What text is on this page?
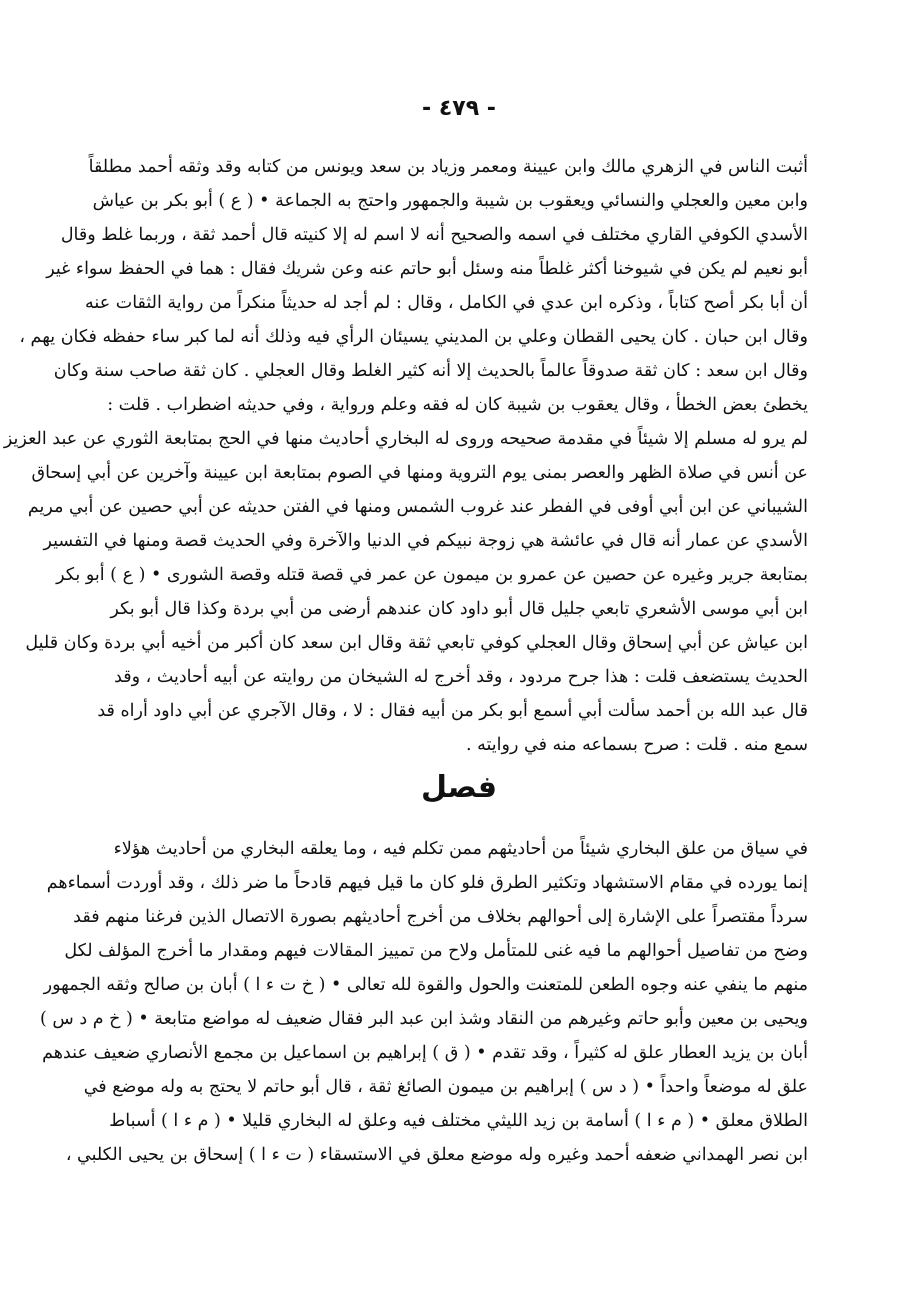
- ٤٧٩ -
أثبت الناس في الزهري مالك وابن عيينة ومعمر وزياد بن سعد ويونس من كتابه وقد وثقه أحمد مطلقاً
وابن معين والعجلي والنسائي ويعقوب بن شيبة والجمهور واحتج به الجماعة • ( ع ) أبو بكر بن عياش
الأسدي الكوفي القاري مختلف في اسمه والصحيح أنه لا اسم له إلا كنيته قال أحمد ثقة ، وربما غلط وقال
أبو نعيم لم يكن في شيوخنا أكثر غلطاً منه وسئل أبو حاتم عنه وعن شريك فقال : هما في الحفظ سواء غير
أن أبا بكر أصح كتاباً ، وذكره ابن عدي في الكامل ، وقال : لم أجد له حديثاً منكراً من رواية الثقات عنه
وقال ابن حبان . كان يحيى القطان وعلي بن المديني يسيئان الرأي فيه وذلك أنه لما كبر ساء حفظه فكان يهم ،
وقال ابن سعد : كان ثقة صدوقاً عالماً بالحديث إلا أنه كثير الغلط وقال العجلي . كان ثقة صاحب سنة وكان
يخطئ بعض الخطأ ، وقال يعقوب بن شيبة كان له فقه وعلم ورواية ، وفي حديثه اضطراب . قلت :
لم يرو له مسلم إلا شيئاً في مقدمة صحيحه وروى له البخاري أحاديث منها في الحج بمتابعة الثوري عن عبد العزيز
عن أنس في صلاة الظهر والعصر بمنى يوم التروية ومنها في الصوم بمتابعة ابن عيينة وآخرين عن أبي إسحاق
الشيباني عن ابن أبي أوفى في الفطر عند غروب الشمس ومنها في الفتن حديثه عن أبي حصين عن أبي مريم
الأسدي عن عمار أنه قال في عائشة هي زوجة نبيكم في الدنيا والآخرة وفي الحديث قصة ومنها في التفسير
بمتابعة جرير وغيره عن حصين عن عمرو بن ميمون عن عمر في قصة قتله وقصة الشورى • ( ع ) أبو بكر
ابن أبي موسى الأشعري تابعي جليل قال أبو داود كان عندهم أرضى من أبي بردة وكذا قال أبو بكر
ابن عياش عن أبي إسحاق وقال العجلي كوفي تابعي ثقة وقال ابن سعد كان أكبر من أخيه أبي بردة وكان قليل
الحديث يستضعف قلت : هذا جرح مردود ، وقد أخرج له الشيخان من روايته عن أبيه أحاديث ، وقد
قال عبد الله بن أحمد سألت أبي أسمع أبو بكر من أبيه فقال : لا ، وقال الآجري عن أبي داود أراه قد
سمع منه . قلت : صرح بسماعه منه في روايته .
فصل
في سياق من علق البخاري شيئاً من أحاديثهم ممن تكلم فيه ، وما يعلقه البخاري من أحاديث هؤلاء
إنما يورده في مقام الاستشهاد وتكثير الطرق فلو كان ما قيل فيهم قادحاً ما ضر ذلك ، وقد أوردت أسماءهم
سرداً مقتصراً على الإشارة إلى أحوالهم بخلاف من أخرج أحاديثهم بصورة الاتصال الذين فرغنا منهم فقد
وضح من تفاصيل أحوالهم ما فيه غنى للمتأمل ولاح من تمييز المقالات فيهم ومقدار ما أخرج المؤلف لكل
منهم ما ينفي عنه وجوه الطعن للمتعنت والحول والقوة لله تعالى • ( خ ت ء ا ) أبان بن صالح وثقه الجمهور
ويحيى بن معين وأبو حاتم وغيرهم من النقاد وشذ ابن عبد البر فقال ضعيف له مواضع متابعة • ( خ م د س )
أبان بن يزيد العطار علق له كثيراً ، وقد تقدم • ( ق ) إبراهيم بن اسماعيل بن مجمع الأنصاري ضعيف عندهم
علق له موضعاً واحداً • ( د س ) إبراهيم بن ميمون الصائغ ثقة ، قال أبو حاتم لا يحتج به وله موضع في
الطلاق معلق • ( م ء ا ) أسامة بن زيد الليثي مختلف فيه وعلق له البخاري قليلا • ( م ء ا ) أسباط
ابن نصر الهمداني ضعفه أحمد وغيره وله موضع معلق في الاستسقاء ( ت ء ا ) إسحاق بن يحيى الكلبي ،
